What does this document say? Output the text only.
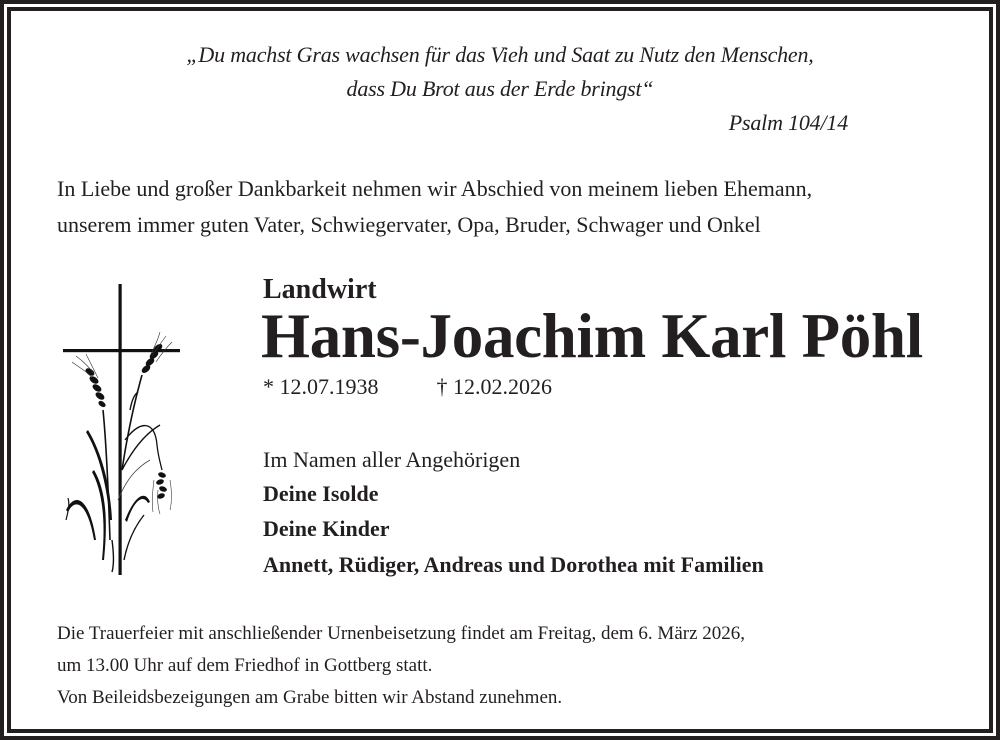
„Du machst Gras wachsen für das Vieh und Saat zu Nutz den Menschen,
dass Du Brot aus der Erde bringst“
Psalm 104/14
In Liebe und großer Dankbarkeit nehmen wir Abschied von meinem lieben Ehemann,
unserem immer guten Vater, Schwiegervater, Opa, Bruder, Schwager und Onkel
Landwirt
Hans-Joachim Karl Pöhl
* 12.07.1938	† 12.02.2026
Im Namen aller Angehörigen
Deine Isolde
Deine Kinder
Annett, Rüdiger, Andreas und Dorothea mit Familien
Die Trauerfeier mit anschließender Urnenbeisetzung findet am Freitag, dem 6. März 2026,
um 13.00 Uhr auf dem Friedhof in Gottberg statt.
Von Beileidsbezeigungen am Grabe bitten wir Abstand zunehmen.
